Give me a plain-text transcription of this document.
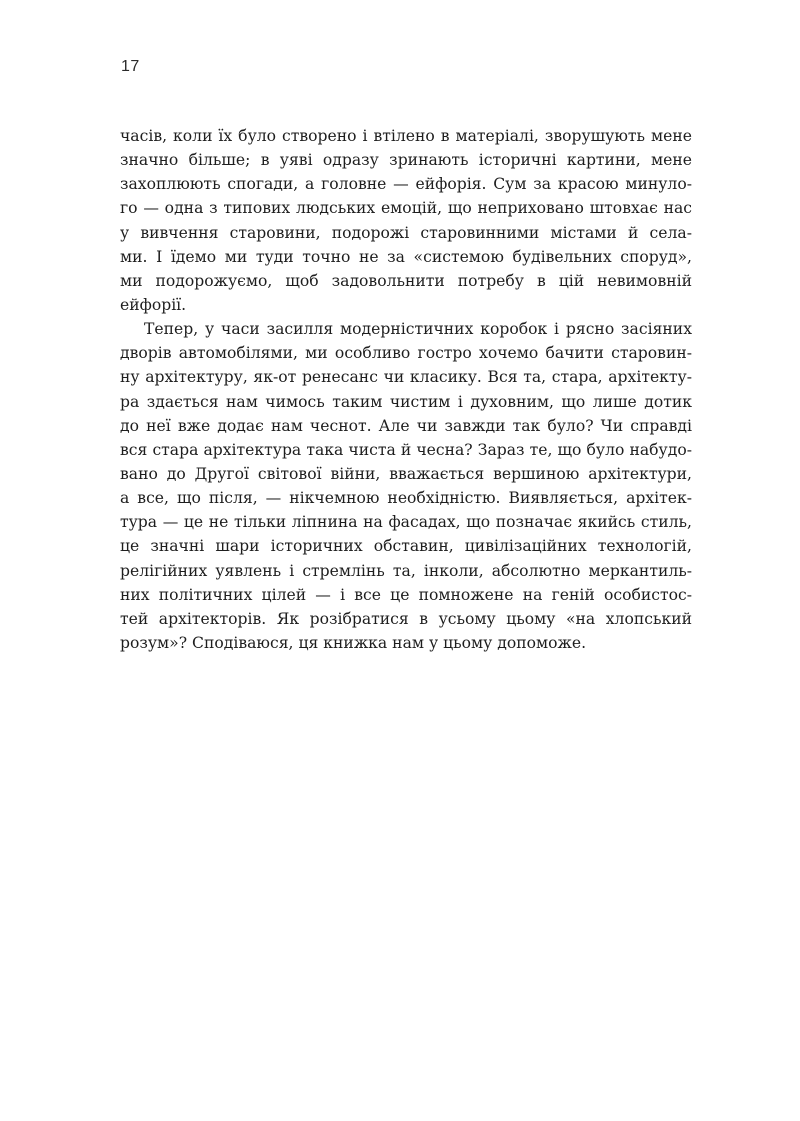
17
часів, коли їх було створено і втілено в матеріалі, зворушують мене
значно більше; в уяві одразу зринають історичні картини, мене
захоплюють спогади, а головне — ейфорія. Сум за красою минуло-
го — одна з типових людських емоцій, що неприховано штовхає нас
у вивчення старовини, подорожі старовинними містами й села-
ми. І їдемо ми туди точно не за «системою будівельних споруд»,
ми подорожуємо, щоб задовольнити потребу в цій невимовній
ейфорії.
Тепер, у часи засилля модерністичних коробок і рясно засіяних
дворів автомобілями, ми особливо гостро хочемо бачити старовин-
ну архітектуру, як-от ренесанс чи класику. Вся та, стара, архітекту-
ра здається нам чимось таким чистим і духовним, що лише дотик
до неї вже додає нам чеснот. Але чи завжди так було? Чи справді
вся стара архітектура така чиста й чесна? Зараз те, що було набудо-
вано до Другої світової війни, вважається вершиною архітектури,
а все, що після, — нікчемною необхідністю. Виявляється, архітек-
тура — це не тільки ліпнина на фасадах, що позначає якийсь стиль,
це значні шари історичних обставин, цивілізаційних технологій,
релігійних уявлень і стремлінь та, інколи, абсолютно меркантиль-
них політичних цілей — і все це помножене на геній особистос-
тей архітекторів. Як розібратися в усьому цьому «на хлопський
розум»? Сподіваюся, ця книжка нам у цьому допоможе.
